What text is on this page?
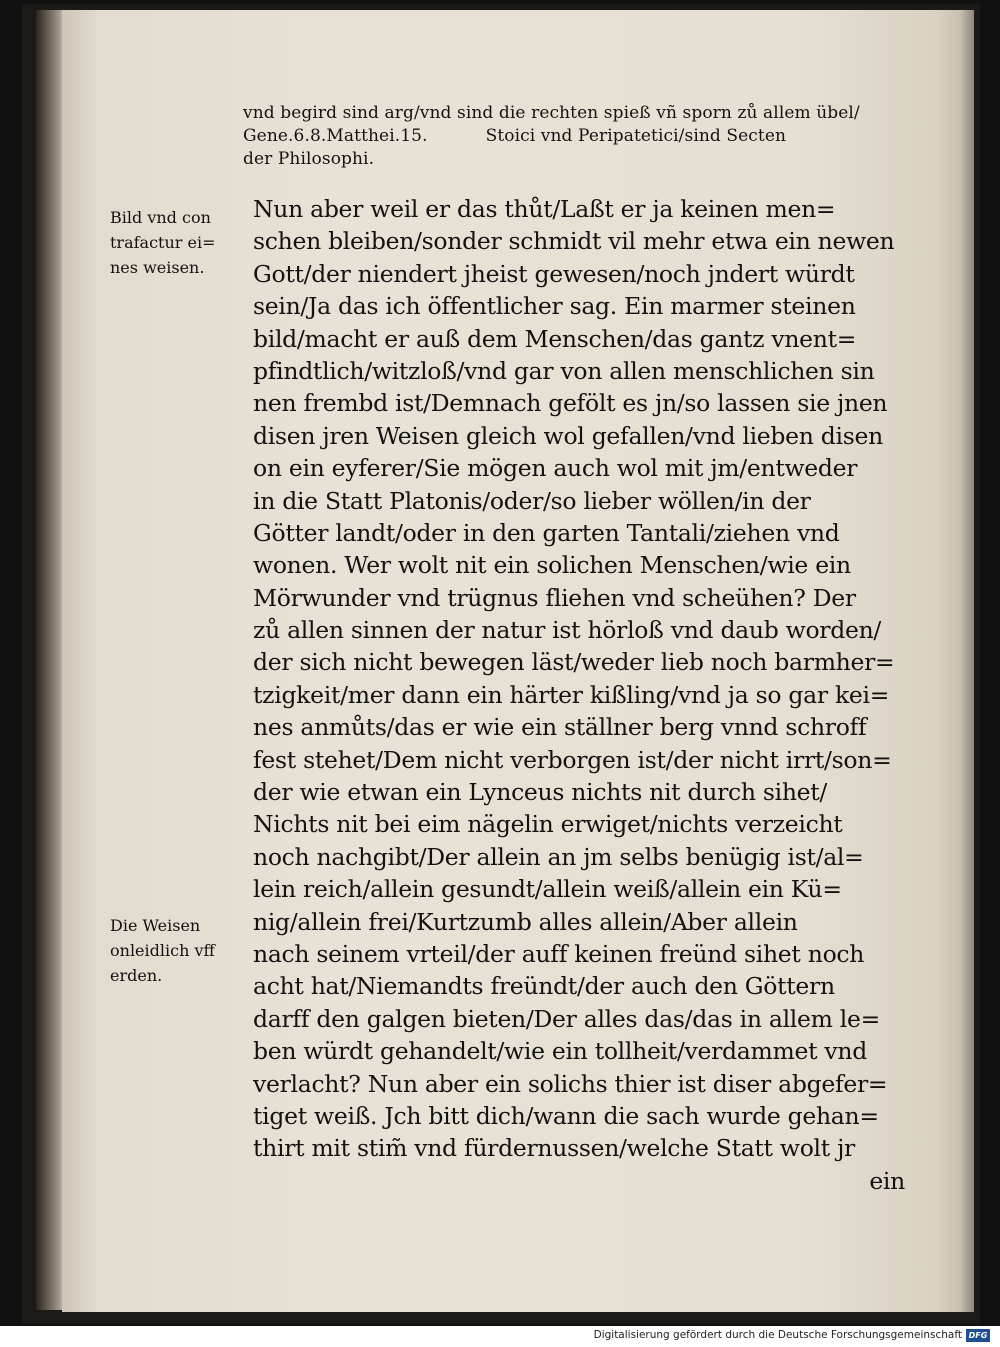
vnd begird sind arg/vnd sind die rechten spieß vñ sporn zů allem übel/
Gene.6.8.Matthei.15.	Stoici vnd Peripatetici/sind Secten
der Philosophi.
Bild vnd con
trafactur ei=
nes weisen.
Die Weisen
onleidlich vff
erden.
Nun aber weil er das thůt/Laßt er ja keinen men=
schen bleiben/sonder schmidt vil mehr etwa ein newen
Gott/der niendert jheist gewesen/noch jndert würdt
sein/Ja das ich öffentlicher sag. Ein marmer steinen
bild/macht er auß dem Menschen/das gantz vnent=
pfindtlich/witzloß/vnd gar von allen menschlichen sin
nen frembd ist/Demnach gefölt es jn/so lassen sie jnen
disen jren Weisen gleich wol gefallen/vnd lieben disen
on ein eyferer/Sie mögen auch wol mit jm/entweder
in die Statt Platonis/oder/so lieber wöllen/in der
Götter landt/oder in den garten Tantali/ziehen vnd
wonen. Wer wolt nit ein solichen Menschen/wie ein
Mörwunder vnd trügnus fliehen vnd scheühen? Der
zů allen sinnen der natur ist hörloß vnd daub worden/
der sich nicht bewegen läst/weder lieb noch barmher=
tzigkeit/mer dann ein härter kißling/vnd ja so gar kei=
nes anmůts/das er wie ein ställner berg vnnd schroff
fest stehet/Dem nicht verborgen ist/der nicht irrt/son=
der wie etwan ein Lynceus nichts nit durch sihet/
Nichts nit bei eim nägelin erwiget/nichts verzeicht
noch nachgibt/Der allein an jm selbs benügig ist/al=
lein reich/allein gesundt/allein weiß/allein ein Kü=
nig/allein frei/Kurtzumb alles allein/Aber allein
nach seinem vrteil/der auff keinen freünd sihet noch
acht hat/Niemandts freündt/der auch den Göttern
darff den galgen bieten/Der alles das/das in allem le=
ben würdt gehandelt/wie ein tollheit/verdammet vnd
verlacht? Nun aber ein solichs thier ist diser abgefer=
tiget weiß. Jch bitt dich/wann die sach wurde gehan=
thirt mit stim̃ vnd fürdernussen/welche Statt wolt jr
ein
Digitalisierung gefördert durch die Deutsche Forschungsgemeinschaft DFG
